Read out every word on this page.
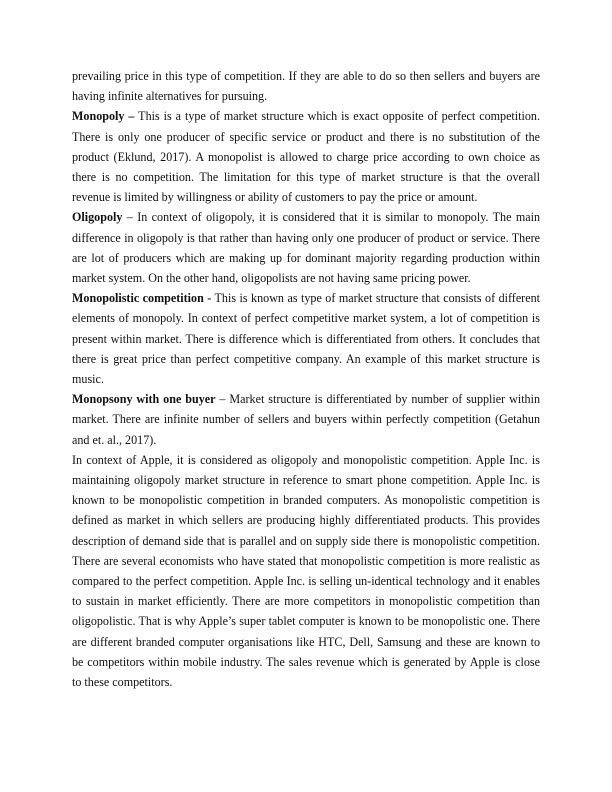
prevailing price in this type of competition. If they are able to do so then sellers and buyers are having infinite alternatives for pursuing.

Monopoly – This is a type of market structure which is exact opposite of perfect competition. There is only one producer of specific service or product and there is no substitution of the product (Eklund, 2017). A monopolist is allowed to charge price according to own choice as there is no competition. The limitation for this type of market structure is that the overall revenue is limited by willingness or ability of customers to pay the price or amount.

Oligopoly – In context of oligopoly, it is considered that it is similar to monopoly. The main difference in oligopoly is that rather than having only one producer of product or service. There are lot of producers which are making up for dominant majority regarding production within market system. On the other hand, oligopolists are not having same pricing power.

Monopolistic competition - This is known as type of market structure that consists of different elements of monopoly. In context of perfect competitive market system, a lot of competition is present within market. There is difference which is differentiated from others. It concludes that there is great price than perfect competitive company. An example of this market structure is music.

Monopsony with one buyer – Market structure is differentiated by number of supplier within market. There are infinite number of sellers and buyers within perfectly competition (Getahun and et. al., 2017).

In context of Apple, it is considered as oligopoly and monopolistic competition. Apple Inc. is maintaining oligopoly market structure in reference to smart phone competition. Apple Inc. is known to be monopolistic competition in branded computers. As monopolistic competition is defined as market in which sellers are producing highly differentiated products. This provides description of demand side that is parallel and on supply side there is monopolistic competition. There are several economists who have stated that monopolistic competition is more realistic as compared to the perfect competition. Apple Inc. is selling un-identical technology and it enables to sustain in market efficiently. There are more competitors in monopolistic competition than oligopolistic. That is why Apple’s super tablet computer is known to be monopolistic one. There are different branded computer organisations like HTC, Dell, Samsung and these are known to be competitors within mobile industry. The sales revenue which is generated by Apple is close to these competitors.
